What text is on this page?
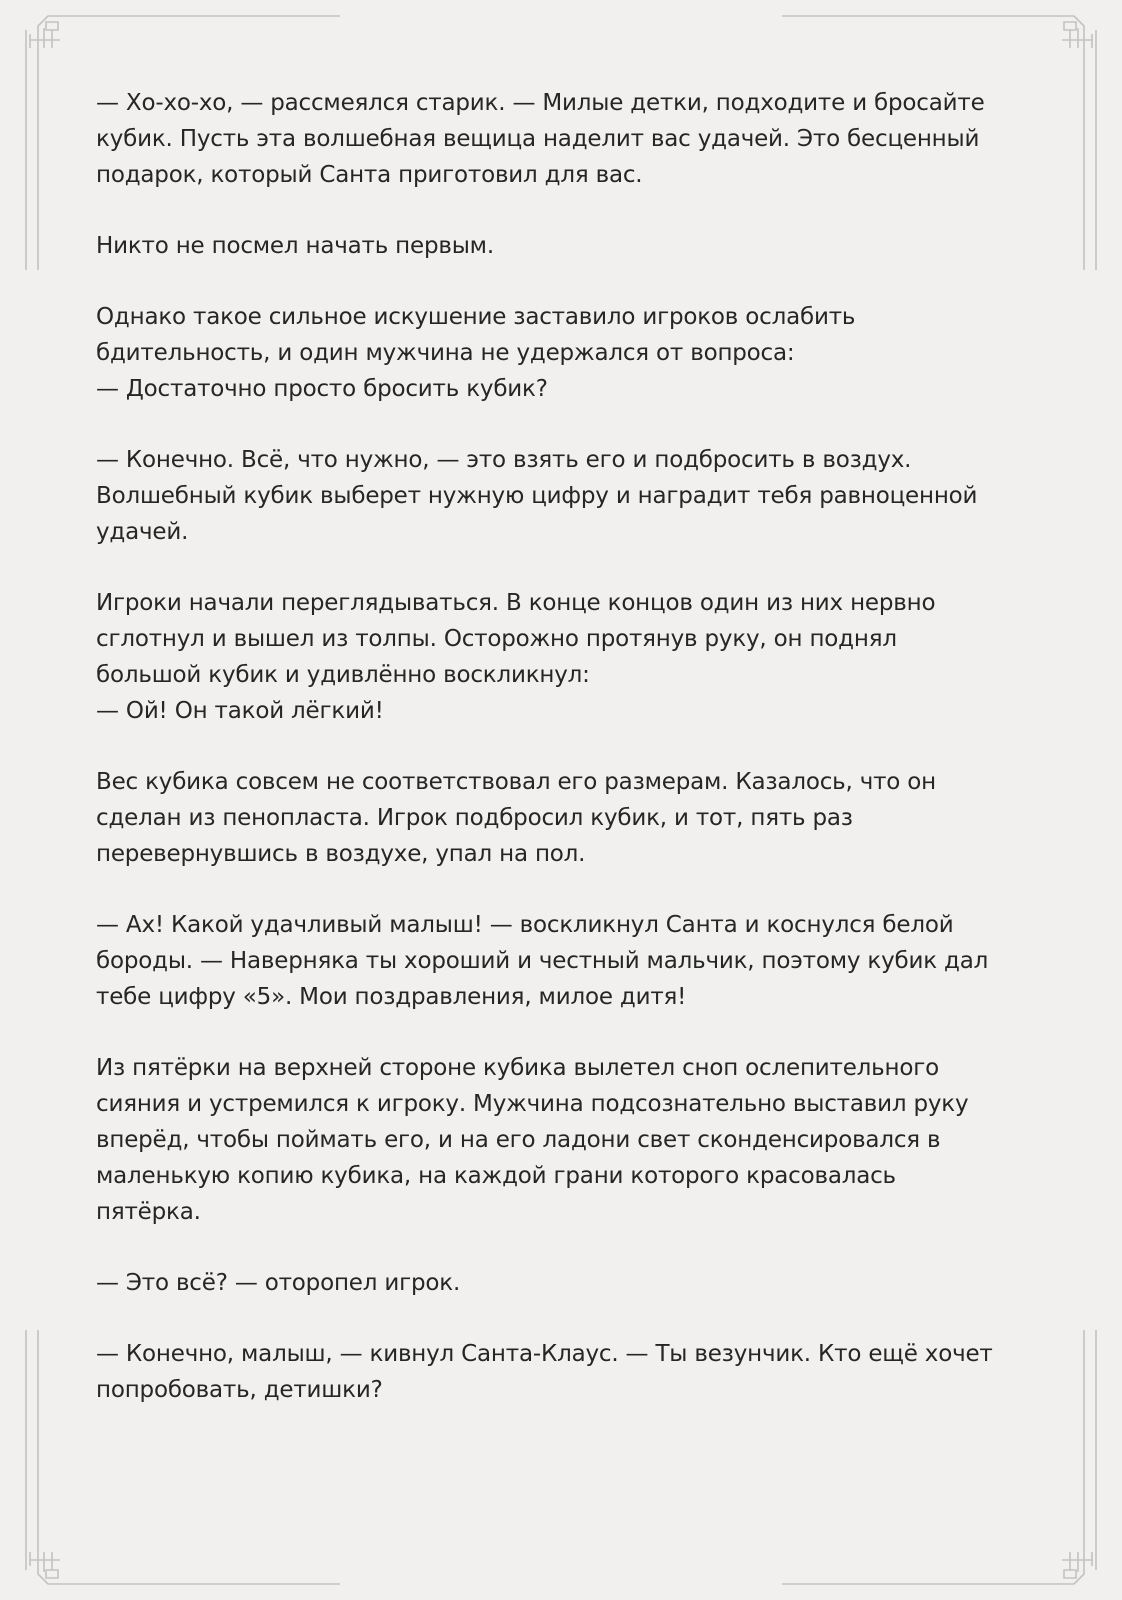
— Хо-хо-хо, — рассмеялся старик. — Милые детки, подходите и бросайте
кубик. Пусть эта волшебная вещица наделит вас удачей. Это бесценный
подарок, который Санта приготовил для вас.

Никто не посмел начать первым.

Однако такое сильное искушение заставило игроков ослабить
бдительность, и один мужчина не удержался от вопроса:
— Достаточно просто бросить кубик?

— Конечно. Всё, что нужно, — это взять его и подбросить в воздух.
Волшебный кубик выберет нужную цифру и наградит тебя равноценной
удачей.

Игроки начали переглядываться. В конце концов один из них нервно
сглотнул и вышел из толпы. Осторожно протянув руку, он поднял
большой кубик и удивлённо воскликнул:
— Ой! Он такой лёгкий!

Вес кубика совсем не соответствовал его размерам. Казалось, что он
сделан из пенопласта. Игрок подбросил кубик, и тот, пять раз
перевернувшись в воздухе, упал на пол.

— Ах! Какой удачливый малыш! — воскликнул Санта и коснулся белой
бороды. — Наверняка ты хороший и честный мальчик, поэтому кубик дал
тебе цифру «5». Мои поздравления, милое дитя!

Из пятёрки на верхней стороне кубика вылетел сноп ослепительного
сияния и устремился к игроку. Мужчина подсознательно выставил руку
вперёд, чтобы поймать его, и на его ладони свет сконденсировался в
маленькую копию кубика, на каждой грани которого красовалась
пятёрка.

— Это всё? — оторопел игрок.

— Конечно, малыш, — кивнул Санта-Клаус. — Ты везунчик. Кто ещё хочет
попробовать, детишки?
